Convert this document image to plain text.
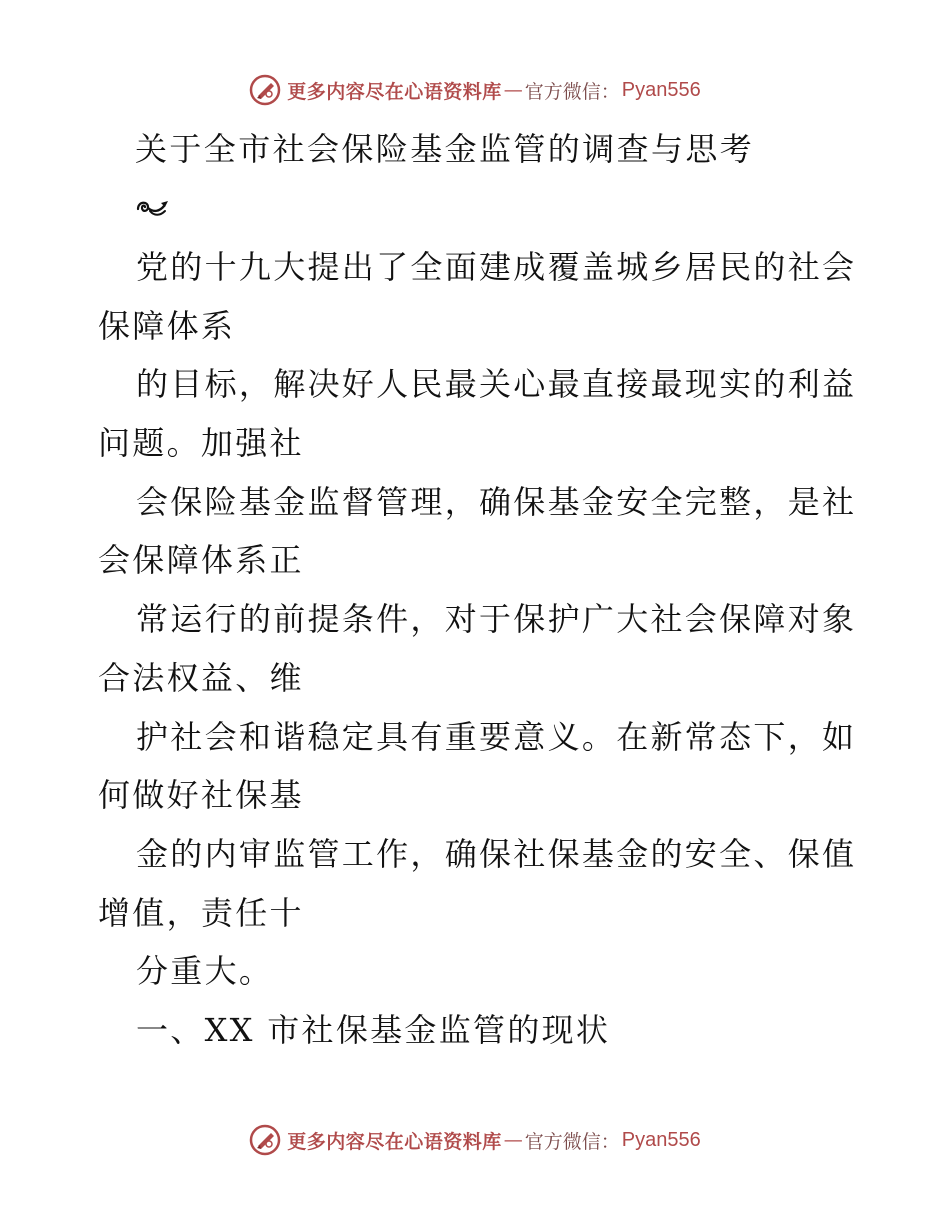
更多内容尽在心语资料库 — 官方微信： Pyan556
关于全市社会保险基金监管的调查与思考
党的十九大提出了全面建成覆盖城乡居民的社会
保障体系
的目标，解决好人民最关心最直接最现实的利益
问题。加强社
会保险基金监督管理，确保基金安全完整，是社
会保障体系正
常运行的前提条件，对于保护广大社会保障对象
合法权益、维
护社会和谐稳定具有重要意义。在新常态下，如
何做好社保基
金的内审监管工作，确保社保基金的安全、保值
增值，责任十
分重大。
一、XX 市社保基金监管的现状
更多内容尽在心语资料库 — 官方微信： Pyan556
